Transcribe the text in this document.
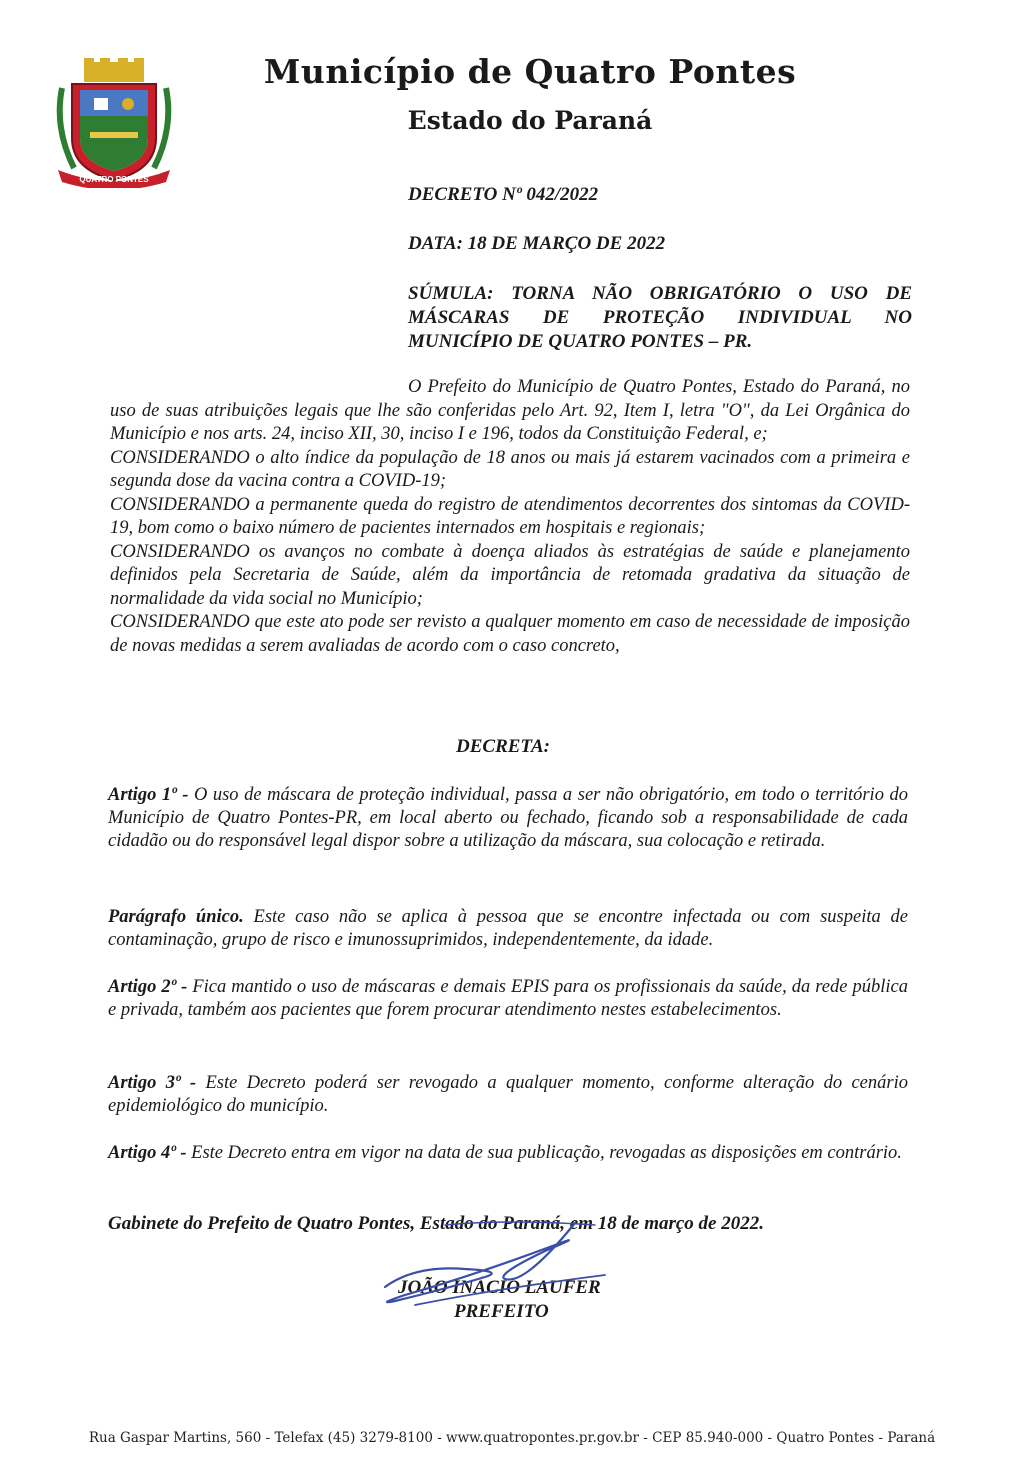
QUATRO PONTES
Município de Quatro Pontes
Estado do Paraná
DECRETO Nº 042/2022
DATA: 18 DE MARÇO DE 2022
SÚMULA: TORNA NÃO OBRIGATÓRIO O USO DE
MÁSCARAS DE PROTEÇÃO INDIVIDUAL NO
MUNICÍPIO DE QUATRO PONTES – PR.

O Prefeito do Município de Quatro Pontes, Estado do Paraná, no uso de suas atribuições legais que lhe são conferidas pelo Art. 92, Item I, letra "O", da Lei Orgânica do Município e nos arts. 24, inciso XII, 30, inciso I e 196, todos da Constituição Federal, e;

CONSIDERANDO o alto índice da população de 18 anos ou mais já estarem vacinados com a primeira e segunda dose da vacina contra a COVID-19;

CONSIDERANDO a permanente queda do registro de atendimentos decorrentes dos sintomas da COVID-19, bom como o baixo número de pacientes internados em hospitais e regionais;

CONSIDERANDO os avanços no combate à doença aliados às estratégias de saúde e planejamento definidos pela Secretaria de Saúde, além da importância de retomada gradativa da situação de normalidade da vida social no Município;

CONSIDERANDO que este ato pode ser revisto a qualquer momento em caso de necessidade de imposição de novas medidas a serem avaliadas de acordo com o caso concreto,

DECRETA:
Artigo 1º - O uso de máscara de proteção individual, passa a ser não obrigatório, em todo o território do Município de Quatro Pontes-PR, em local aberto ou fechado, ficando sob a responsabilidade de cada cidadão ou do responsável legal dispor sobre a utilização da máscara, sua colocação e retirada.
Parágrafo único. Este caso não se aplica à pessoa que se encontre infectada ou com suspeita de contaminação, grupo de risco e imunossuprimidos, independentemente, da idade.
Artigo 2º - Fica mantido o uso de máscaras e demais EPIS para os profissionais da saúde, da rede pública e privada, também aos pacientes que forem procurar atendimento nestes estabelecimentos.
Artigo 3º - Este Decreto poderá ser revogado a qualquer momento, conforme alteração do cenário epidemiológico do município.
Artigo 4º - Este Decreto entra em vigor na data de sua publicação, revogadas as disposições em contrário.
Gabinete do Prefeito de Quatro Pontes, Estado do Paraná, em 18 de março de 2022.
JOÃO INÁCIO LAUFER
PREFEITO
Rua Gaspar Martins, 560 - Telefax (45) 3279-8100 - www.quatropontes.pr.gov.br - CEP 85.940-000 - Quatro Pontes - Paraná
